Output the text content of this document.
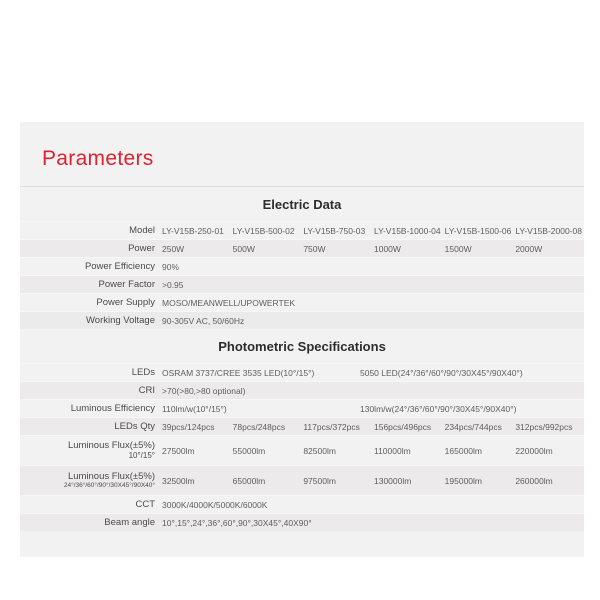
Parameters
Electric Data
Model LY-V15B-250-01	LY-V15B-500-02	LY-V15B-750-03	LY-V15B-1000-04 LY-V15B-1500-06 LY-V15B-2000-08
Power 250W	500W	750W	1000W	1500W	2000W
Power Efficiency 90%
Power Factor >0.95
Power Supply MOSO/MEANWELL/UPOWERTEK
Working Voltage 90-305V AC, 50/60Hz
Photometric Specifications
LEDs OSRAM 3737/CREE 3535 LED(10°/15°)	5050 LED(24°/36°/60°/90°/30X45°/90X40°)
CRI >70(>80,>80 optional)
Luminous Efficiency 110lm/w(10°/15°)	130lm/w(24°/36°/60°/90°/30X45°/90X40°)
LEDs Qty 39pcs/124pcs	78pcs/248pcs	117pcs/372pcs	156pcs/496pcs	234pcs/744pcs	312pcs/992pcs
Luminous Flux(±5%)
10°/15°
27500lm	55000lm	82500lm	110000lm	165000lm	220000lm
Luminous Flux(±5%)
24°/36°/60°/90°/30X45°/90X40°
32500lm	65000lm	97500lm	130000lm	195000lm	260000lm
CCT 3000K/4000K/5000K/6000K
Beam angle 10°,15°,24°,36°,60°,90°,30X45°,40X90°
